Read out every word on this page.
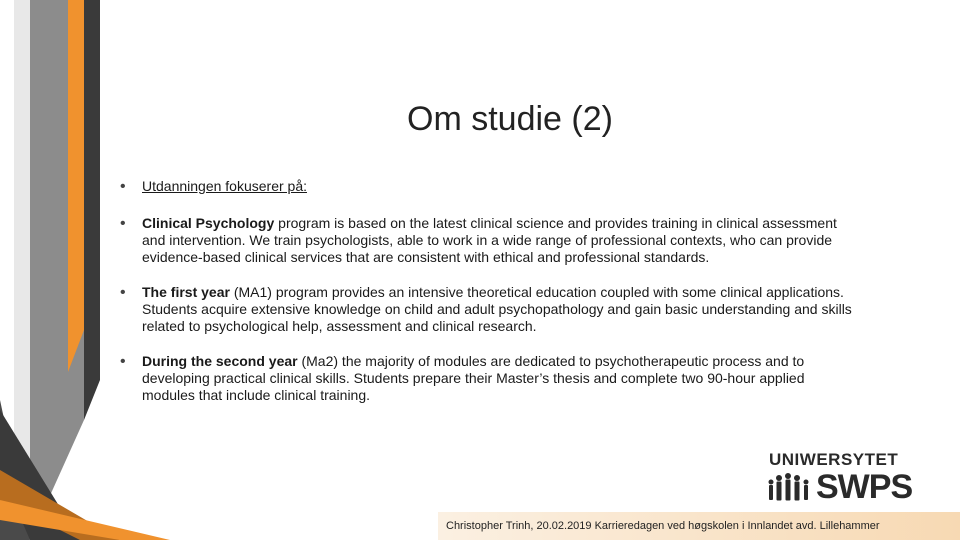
Om studie (2)
• Utdanningen fokuserer på:
• Clinical Psychology program is based on the latest clinical science and provides training in clinical assessment and intervention. We train psychologists, able to work in a wide range of professional contexts, who can provide evidence-based clinical services that are consistent with ethical and professional standards.
• The first year (MA1) program provides an intensive theoretical education coupled with some clinical applications. Students acquire extensive knowledge on child and adult psychopathology and gain basic understanding and skills related to psychological help, assessment and clinical research.
• During the second year (Ma2) the majority of modules are dedicated to psychotherapeutic process and to developing practical clinical skills. Students prepare their Master’s thesis and complete two 90-hour applied modules that include clinical training.
UNIWERSYTET
SWPS
Christopher Trinh, 20.02.2019 Karrieredagen ved høgskolen i Innlandet avd. Lillehammer
